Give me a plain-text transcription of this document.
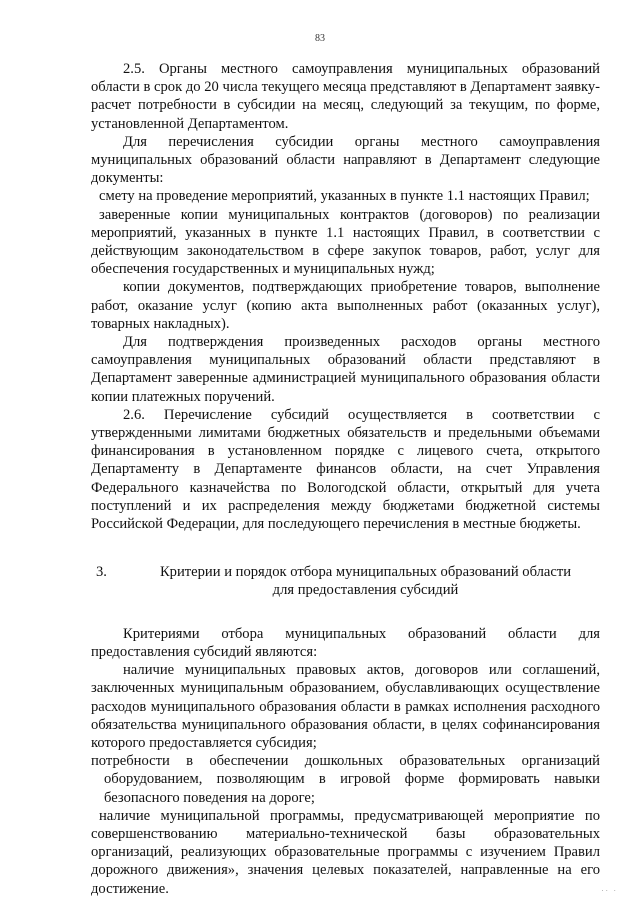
83

2.5. Органы местного самоуправления муниципальных образований области в срок до 20 числа текущего месяца представляют в Департамент заявку-расчет потребности в субсидии на месяц, следующий за текущим, по форме, установленной Департаментом.

Для перечисления субсидии органы местного самоуправления муниципальных образований области направляют в Департамент следующие документы:

смету на проведение мероприятий, указанных в пункте 1.1 настоящих Правил;

заверенные копии муниципальных контрактов (договоров) по реализации мероприятий, указанных в пункте 1.1 настоящих Правил, в соответствии с действующим законодательством в сфере закупок товаров, работ, услуг для обеспечения государственных и муниципальных нужд;

копии документов, подтверждающих приобретение товаров, выполнение работ, оказание услуг (копию акта выполненных работ (оказанных услуг), товарных накладных).

Для подтверждения произведенных расходов органы местного самоуправления муниципальных образований области представляют в Департамент заверенные администрацией муниципального образования области копии платежных поручений.

2.6. Перечисление субсидий осуществляется в соответствии с утвержденными лимитами бюджетных обязательств и предельными объемами финансирования в установленном порядке с лицевого счета, открытого Департаменту в Департаменте финансов области, на счет Управления Федерального казначейства по Вологодской области, открытый для учета поступлений и их распределения между бюджетами бюджетной системы Российской Федерации, для последующего перечисления в местные бюджеты.

3.	Критерии и порядок отбора муниципальных образований области
для предоставления субсидий

Критериями отбора муниципальных образований области для предоставления субсидий являются:

наличие муниципальных правовых актов, договоров или соглашений, заключенных муниципальным образованием, обуславливающих осуществление расходов муниципального образования области в рамках исполнения расходного обязательства муниципального образования области, в целях софинансирования которого предоставляется субсидия;

потребности в обеспечении дошкольных образовательных организаций оборудованием, позволяющим в игровой форме формировать навыки безопасного поведения на дороге;

наличие муниципальной программы, предусматривающей мероприятие по совершенствованию материально-технической базы образовательных организаций, реализующих образовательные программы с изучением Правил дорожного движения», значения целевых показателей, направленные на его достижение.	·· ·
